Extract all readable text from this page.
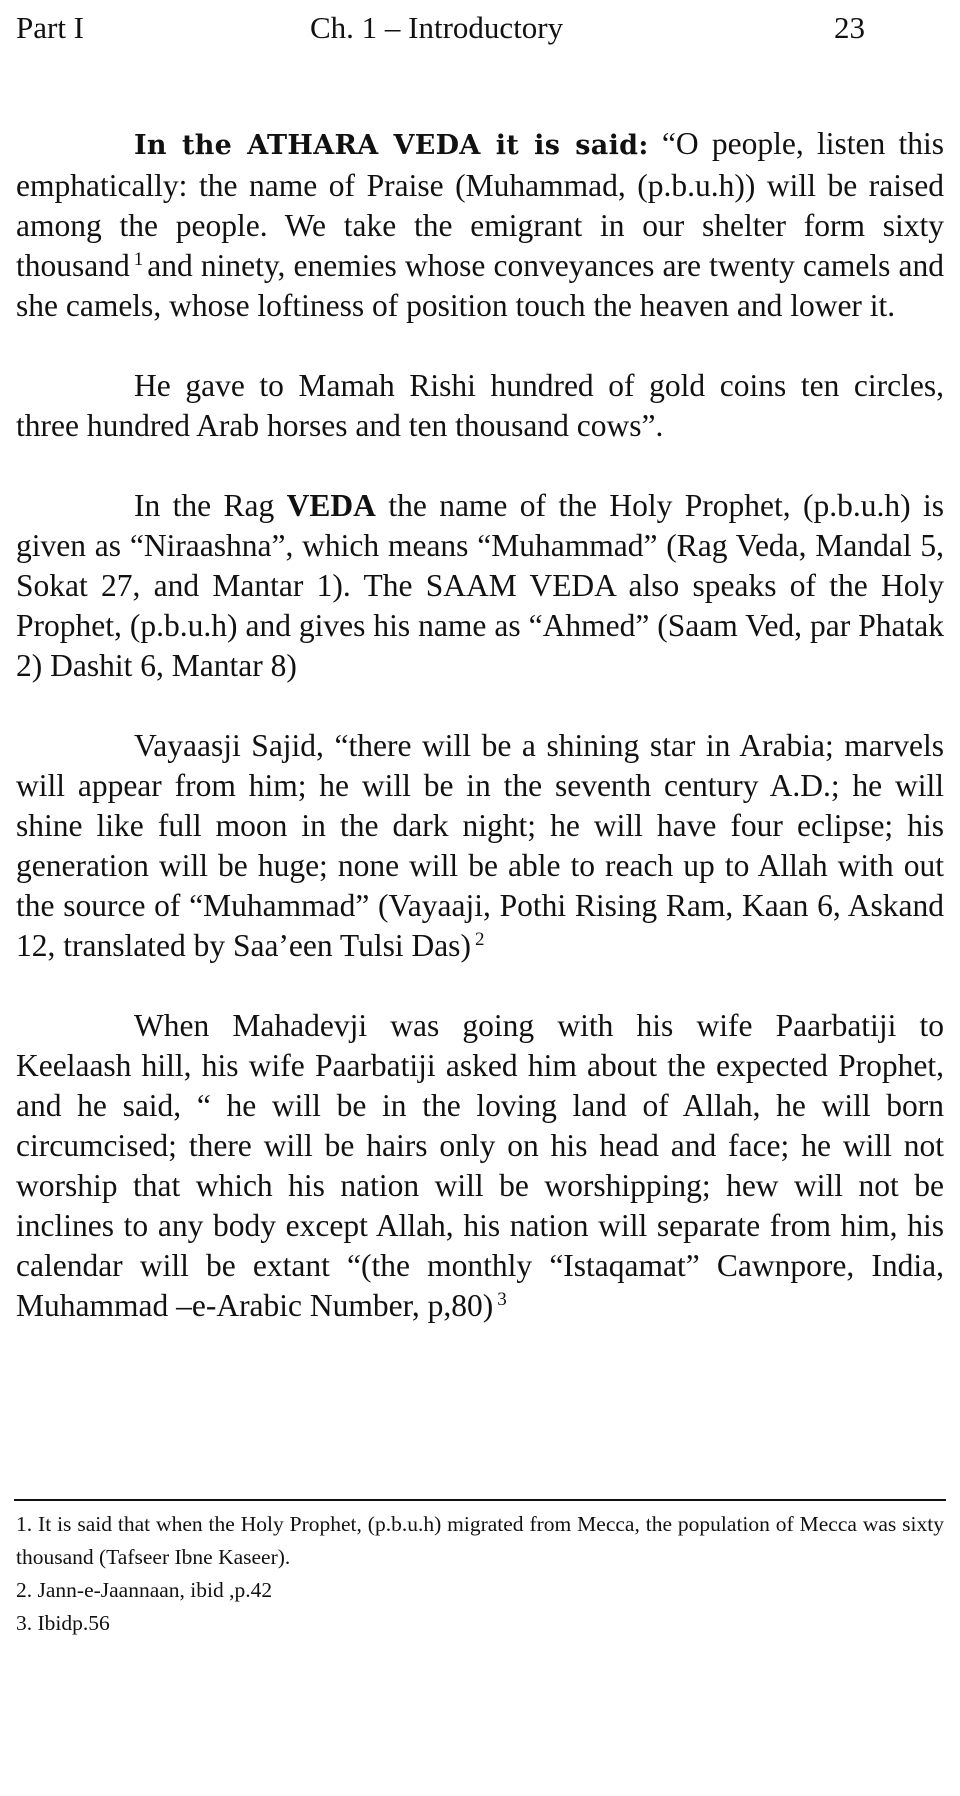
Part I	Ch. 1 – Introductory	23

In the ATHARA VEDA it is said: “O people, listen this emphatically: the name of Praise (Muhammad, (p.b.u.h)) will be raised among the people. We take the emigrant in our shelter form sixty thousand $^1$ and ninety, enemies whose conveyances are twenty camels and she camels, whose loftiness of position touch the heaven and lower it.

He gave to Mamah Rishi hundred of gold coins ten circles, three hundred Arab horses and ten thousand cows”.

In the Rag VEDA the name of the Holy Prophet, (p.b.u.h) is given as “Niraashna”, which means “Muhammad” (Rag Veda, Mandal 5, Sokat 27, and Mantar 1). The SAAM VEDA also speaks of the Holy Prophet, (p.b.u.h) and gives his name as “Ahmed” (Saam Ved, par Phatak 2) Dashit 6, Mantar 8)

Vayaasji Sajid, “there will be a shining star in Arabia; marvels will appear from him; he will be in the seventh century A.D.; he will shine like full moon in the dark night; he will have four eclipse; his generation will be huge; none will be able to reach up to Allah with out the source of “Muhammad” (Vayaaji, Pothi Rising Ram, Kaan 6, Askand 12, translated by Saa’een Tulsi Das) $^2$

When Mahadevji was going with his wife Paarbatiji to Keelaash hill, his wife Paarbatiji asked him about the expected Prophet, and he said, “ he will be in the loving land of Allah, he will born circumcised; there will be hairs only on his head and face; he will not worship that which his nation will be worshipping; hew will not be inclines to any body except Allah, his nation will separate from him, his calendar will be extant “(the monthly “Istaqamat” Cawnpore, India, Muhammad –e-Arabic Number, p,80) $^3$

1. It is said that when the Holy Prophet, (p.b.u.h) migrated from Mecca, the population of Mecca was sixty thousand (Tafseer Ibne Kaseer).

2. Jann-e-Jaannaan, ibid ,p.42

3. Ibidp.56
